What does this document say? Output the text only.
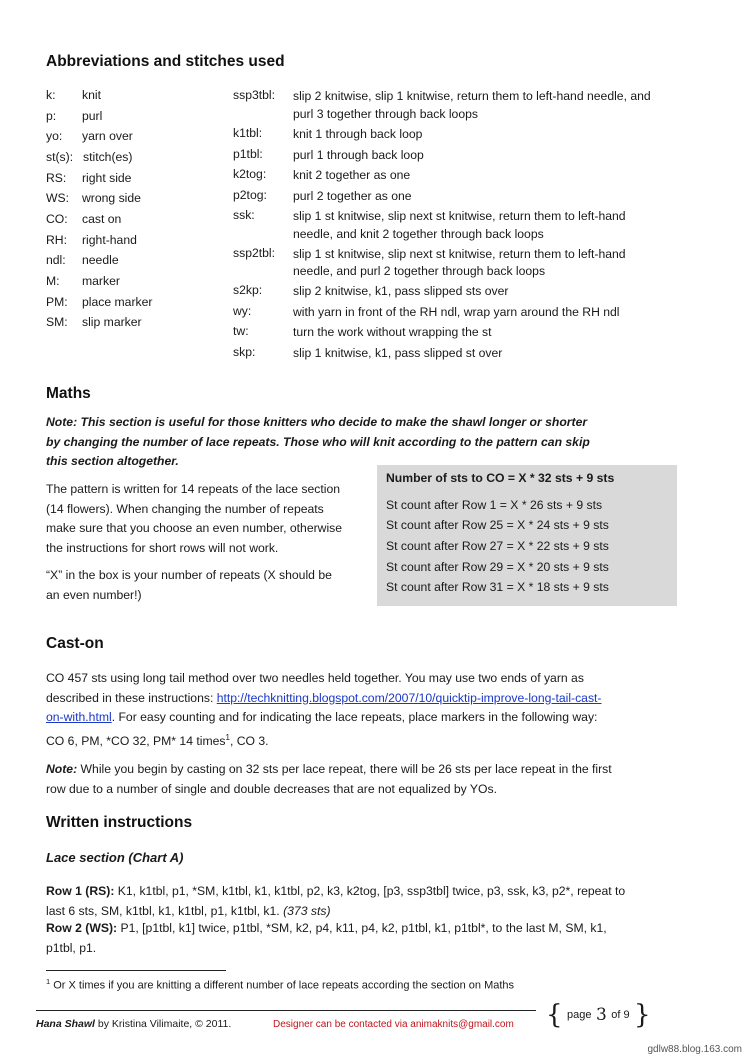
Abbreviations and stitches used
k: knit
p: purl
yo: yarn over
st(s): stitch(es)
RS: right side
WS: wrong side
CO: cast on
RH: right-hand
ndl: needle
M: marker
PM: place marker
SM: slip marker
ssp3tbl: slip 2 knitwise, slip 1 knitwise, return them to left-hand needle, and purl 3 together through back loops
k1tbl:	knit 1 through back loop
p1tbl: purl 1 through back loop
k2tog: knit 2 together as one
p2tog: purl 2 together as one
ssk:	slip 1 st knitwise, slip next st knitwise, return them to left-hand needle, and knit 2 together through back loops
ssp2tbl: slip 1 st knitwise, slip next st knitwise, return them to left-hand needle, and purl 2 together through back loops
s2kp:	slip 2 knitwise, k1, pass slipped sts over
wy:	with yarn in front of the RH ndl, wrap yarn around the RH ndl
tw:	turn the work without wrapping the st
skp:	slip 1 knitwise, k1, pass slipped st over
Maths
Note: This section is useful for those knitters who decide to make the shawl longer or shorter
by changing the number of lace repeats. Those who will knit according to the pattern can skip
this section altogether.
The pattern is written for 14 repeats of the lace section
(14 flowers). When changing the number of repeats
make sure that you choose an even number, otherwise
the instructions for short rows will not work.
“X” in the box is your number of repeats (X should be
an even number!)
Number of sts to CO = X * 32 sts + 9 sts
St count after Row 1 = X * 26 sts + 9 sts
St count after Row 25 = X * 24 sts + 9 sts
St count after Row 27 = X * 22 sts + 9 sts
St count after Row 29 = X * 20 sts + 9 sts
St count after Row 31 = X * 18 sts + 9 sts
Cast-on
CO 457 sts using long tail method over two needles held together. You may use two ends of yarn as
described in these instructions: http://techknitting.blogspot.com/2007/10/quicktip-improve-long-tail-cast-
on-with.html. For easy counting and for indicating the lace repeats, place markers in the following way:
CO 6, PM, *CO 32, PM* 14 times$^1$, CO 3.
Note: While you begin by casting on 32 sts per lace repeat, there will be 26 sts per lace repeat in the first
row due to a number of single and double decreases that are not equalized by YOs.
Written instructions
Lace section (Chart A)
Row 1 (RS): K1, k1tbl, p1, *SM, k1tbl, k1, k1tbl, p2, k3, k2tog, [p3, ssp3tbl] twice, p3, ssk, k3, p2*, repeat to
last 6 sts, SM, k1tbl, k1, k1tbl, p1, k1tbl, k1. (373 sts)
Row 2 (WS): P1, [p1tbl, k1] twice, p1tbl, *SM, k2, p4, k11, p4, k2, p1tbl, k1, p1tbl*, to the last M, SM, k1,
p1tbl, p1.
$^1$ Or X times if you are knitting a different number of lace repeats according the section on Maths
Hana Shawl by Kristina Vilimaite, © 2011.	Designer can be contacted via animaknits@gmail.com { page 3 of 9 }
gdlw88.blog.163.com
